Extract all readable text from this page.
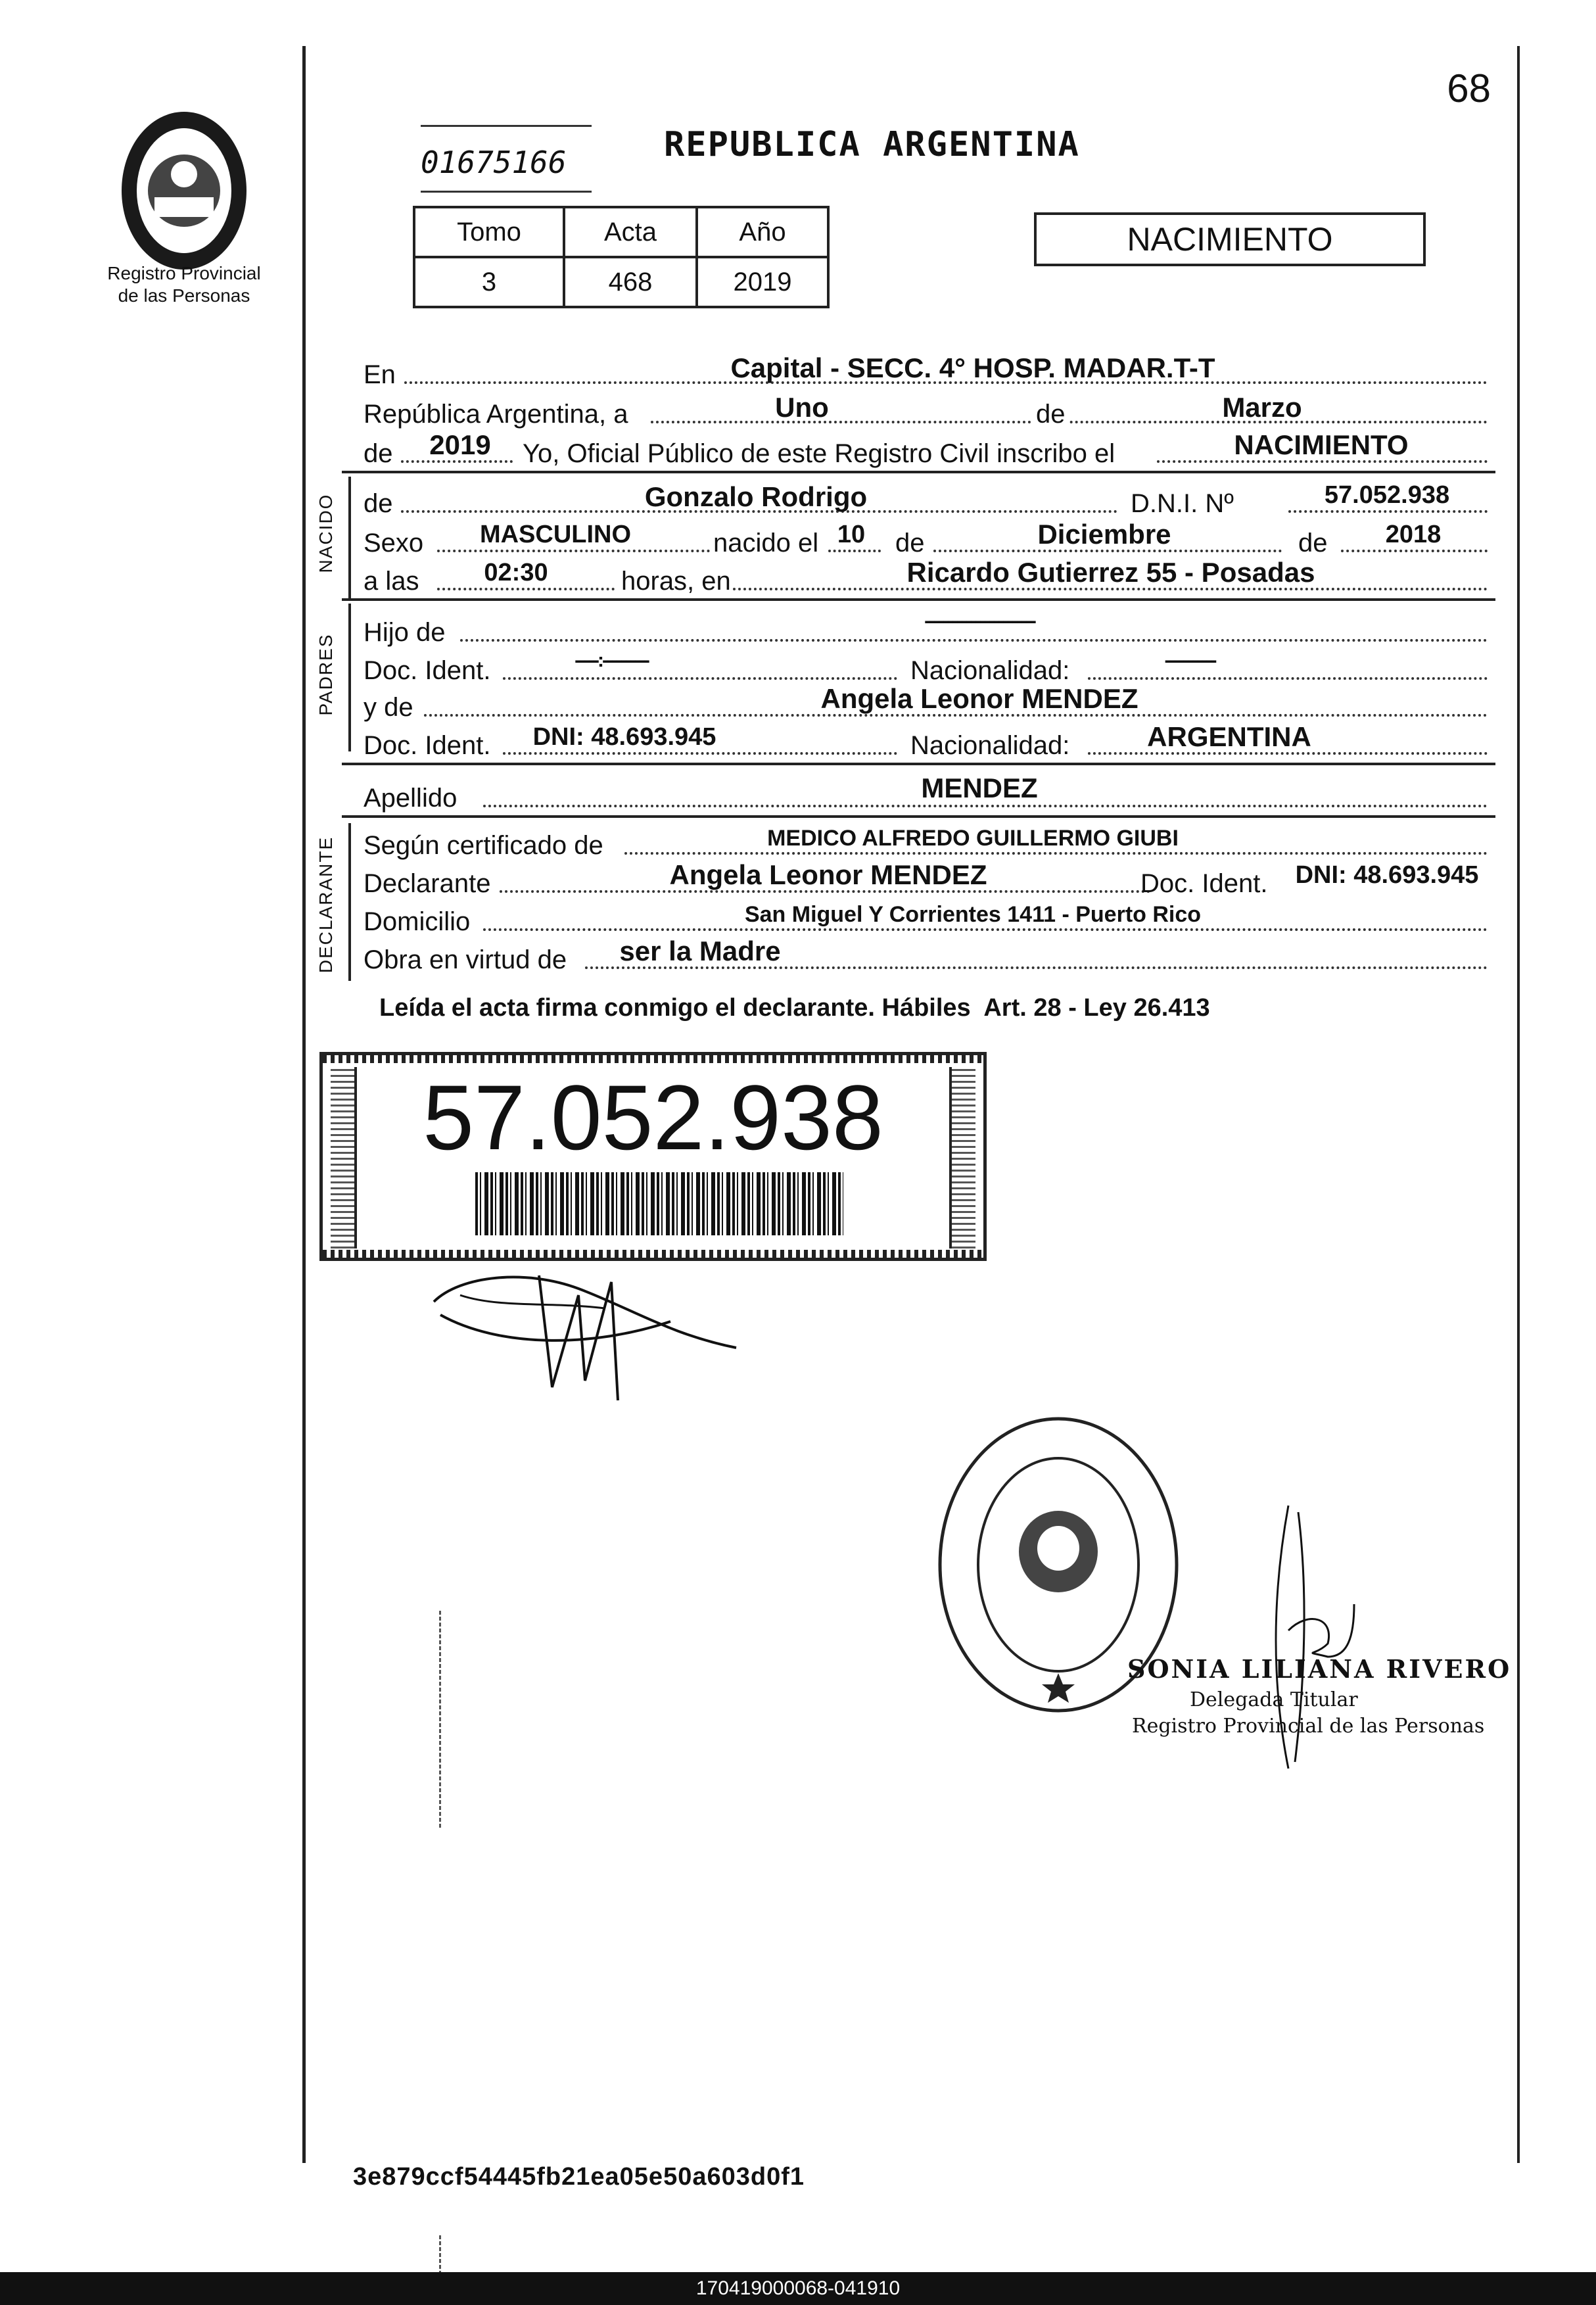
68
Registro Provincial
de las Personas
01675166	REPUBLICA ARGENTINA
Tomo	Acta	Año
3	468	2019
NACIMIENTO
En	Capital - SECC. 4° HOSP. MADAR.T-T
República Argentina, a	Uno	de	Marzo
de	2019	Yo, Oficial Público de este Registro Civil inscribo el	NACIMIENTO
NACIDO de	Gonzalo Rodrigo	D.N.I. Nº	57.052.938
Sexo	MASCULINO	nacido el 10	de	Diciembre	de	2018
a las	02:30	horas, en	Ricardo Gutierrez 55 - Posadas
PADRES
Hijo de	------------------------
Doc. Ident.	-----:----------	Nacionalidad:	-----------
y de	Angela Leonor MENDEZ
Doc. Ident.	DNI: 48.693.945	Nacionalidad:	ARGENTINA
Apellido	MENDEZ
DECLARANTE Según certificado de	MEDICO ALFREDO GUILLERMO GIUBI
Declarante	Angela Leonor MENDEZ	Doc. Ident.	DNI: 48.693.945
Domicilio	San Miguel Y Corrientes 1411 - Puerto Rico
Obra en virtud de ser la Madre
Leída el acta firma conmigo el declarante. Hábiles  Art. 28 - Ley 26.413
57.052.938
SONIA LILIANA RIVERO
Delegada Titular
Registro Provincial de las Personas
3e879ccf54445fb21ea05e50a603d0f1
170419000068-041910
